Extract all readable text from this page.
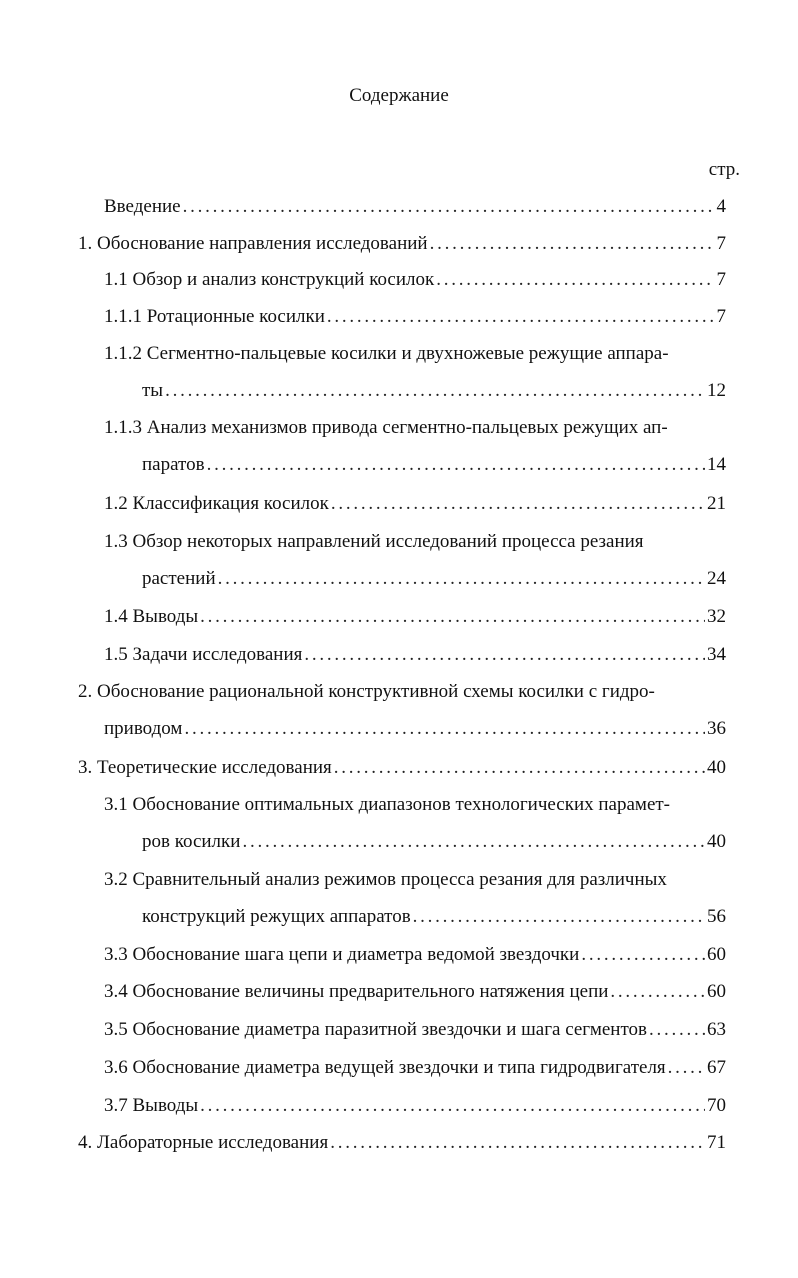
Содержание
стр.
Введение . . .	4
1. Обоснование направления исследований . . .	7
1.1 Обзор и анализ конструкций косилок . . .	7
1.1.1 Ротационные косилки . . .	7
1.1.2 Сегментно-пальцевые косилки и двухножевые режущие аппара-
ты . . .	12
1.1.3 Анализ механизмов привода сегментно-пальцевых режущих ап-
паратов . . .	14
1.2 Классификация косилок . . .	21
1.3 Обзор некоторых направлений исследований процесса резания
растений . . .	24
1.4 Выводы . . .	32
1.5 Задачи исследования . . .	34
2. Обоснование рациональной конструктивной схемы косилки с гидро-
приводом . . .	36
3. Теоретические исследования . . .	40
3.1 Обоснование оптимальных диапазонов технологических парамет-
ров косилки . . .	40
3.2 Сравнительный анализ режимов процесса резания для различных
конструкций режущих аппаратов . . .	56
3.3 Обоснование шага цепи и диаметра ведомой звездочки . . .	60
3.4 Обоснование величины предварительного натяжения цепи . . .	60
3.5 Обоснование диаметра паразитной звездочки и шага сегментов . . .	63
3.6 Обоснование диаметра ведущей звездочки и типа гидродвигателя . . . 67
3.7 Выводы . . .	70
4. Лабораторные исследования . . .	71
